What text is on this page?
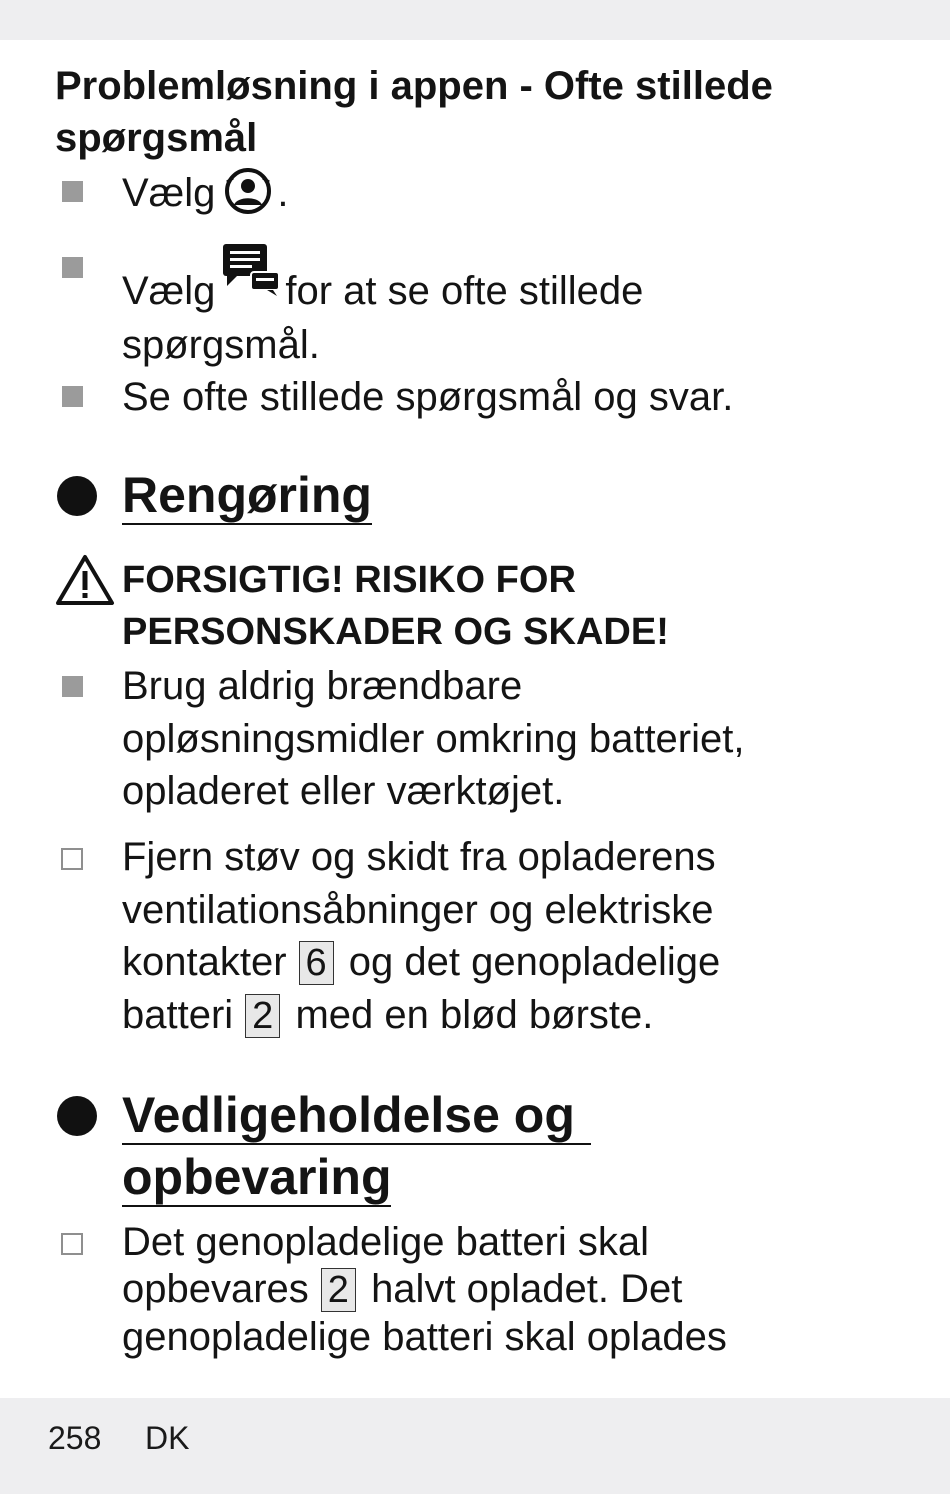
Problemløsning i appen - Ofte stillede
spørgsmål
Vælg .
Vælg for at se ofte stillede
spørgsmål.
Se ofte stillede spørgsmål og svar.
Rengøring
FORSIGTIG! RISIKO FOR
PERSONSKADER OG SKADE!
Brug aldrig brændbare
opløsningsmidler omkring batteriet,
opladeret eller værktøjet.
Fjern støv og skidt fra opladerens
ventilationsåbninger og elektriske
kontakter 6 og det genopladelige
batteri 2 med en blød børste.
Vedligeholdelse og
opbevaring
Det genopladelige batteri skal
opbevares 2 halvt opladet. Det
genopladelige batteri skal oplades
258 DK
